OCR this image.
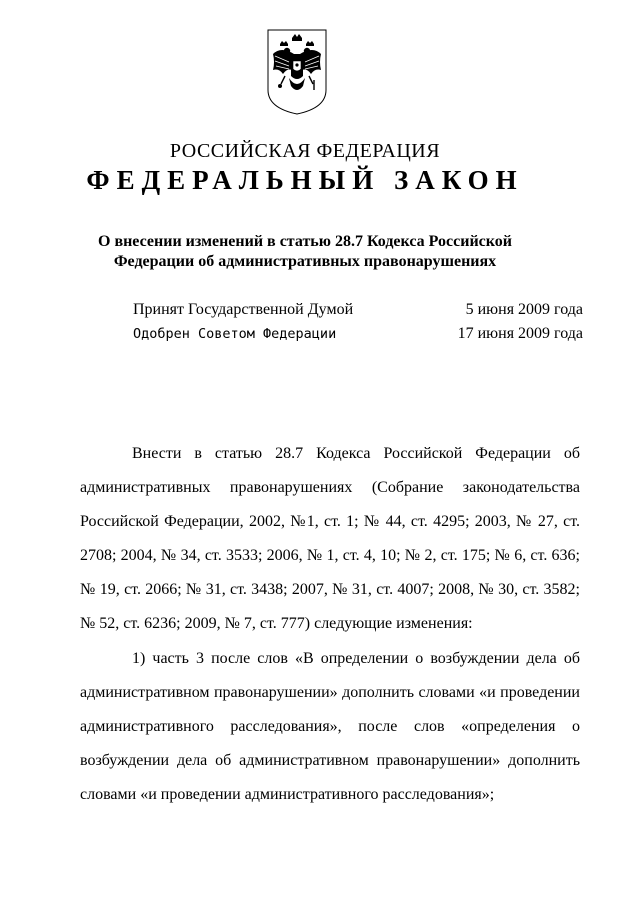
РОССИЙСКАЯ ФЕДЕРАЦИЯ
ФЕДЕРАЛЬНЫЙ ЗАКОН
О внесении изменений в статью 28.7 Кодекса Российской
Федерации об административных правонарушениях
Принят Государственной Думой	5 июня 2009 года
Одобрен Советом Федерации	17 июня 2009 года

Внести в статью 28.7 Кодекса Российской Федерации об административных правонарушениях (Собрание законодательства Российской Федерации, 2002, №1, ст. 1; № 44, ст. 4295; 2003, № 27, ст. 2708; 2004, № 34, ст. 3533; 2006, № 1, ст. 4, 10; № 2, ст. 175; № 6, ст. 636; № 19, ст. 2066; № 31, ст. 3438; 2007, № 31, ст. 4007; 2008, № 30, ст. 3582; № 52, ст. 6236; 2009, № 7, ст. 777) следующие изменения:

1) часть 3 после слов «В определении о возбуждении дела об административном правонарушении» дополнить словами «и проведении административного расследования», после слов «определения о возбуждении дела об административном правонарушении» дополнить словами «и проведении административного расследования»;
